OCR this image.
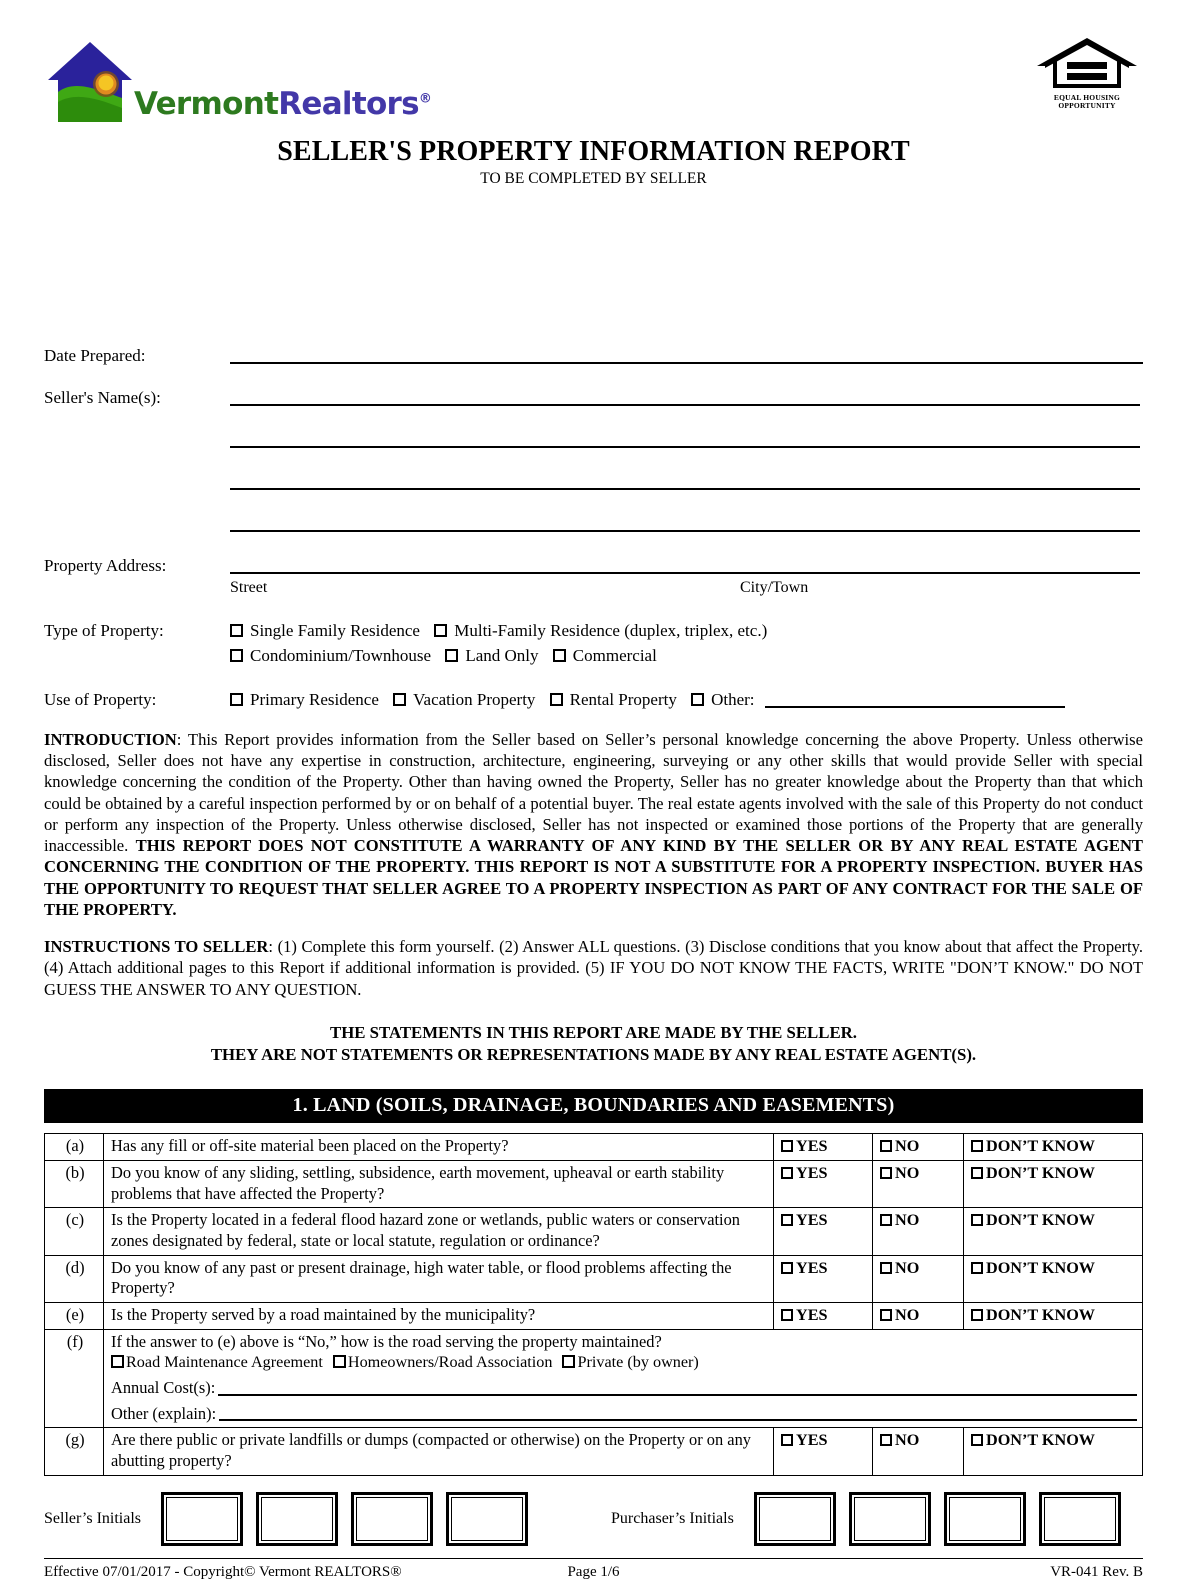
VermontRealtors®	EQUAL HOUSING
OPPORTUNITY
SELLER'S PROPERTY INFORMATION REPORT
TO BE COMPLETED BY SELLER
Date Prepared:
Seller's Name(s):
Property Address:
Street	City/Town
Type of Property:	Single Family Residence Multi-Family Residence (duplex, triplex, etc.)
Condominium/Townhouse Land Only Commercial
Use of Property:	Primary Residence Vacation Property Rental Property Other:
INTRODUCTION: This Report provides information from the Seller based on Seller’s personal knowledge concerning the above Property. Unless otherwise disclosed, Seller does not have any expertise in construction, architecture, engineering, surveying or any other skills that would provide Seller with special knowledge concerning the condition of the Property. Other than having owned the Property, Seller has no greater knowledge about the Property than that which could be obtained by a careful inspection performed by or on behalf of a potential buyer. The real estate agents involved with the sale of this Property do not conduct or perform any inspection of the Property. Unless otherwise disclosed, Seller has not inspected or examined those portions of the Property that are generally inaccessible. THIS REPORT DOES NOT CONSTITUTE A WARRANTY OF ANY KIND BY THE SELLER OR BY ANY REAL ESTATE AGENT CONCERNING THE CONDITION OF THE PROPERTY. THIS REPORT IS NOT A SUBSTITUTE FOR A PROPERTY INSPECTION. BUYER HAS THE OPPORTUNITY TO REQUEST THAT SELLER AGREE TO A PROPERTY INSPECTION AS PART OF ANY CONTRACT FOR THE SALE OF THE PROPERTY.
INSTRUCTIONS TO SELLER: (1) Complete this form yourself. (2) Answer ALL questions. (3) Disclose conditions that you know about that affect the Property. (4) Attach additional pages to this Report if additional information is provided. (5) IF YOU DO NOT KNOW THE FACTS, WRITE "DON’T KNOW." DO NOT GUESS THE ANSWER TO ANY QUESTION.
THE STATEMENTS IN THIS REPORT ARE MADE BY THE SELLER.
THEY ARE NOT STATEMENTS OR REPRESENTATIONS MADE BY ANY REAL ESTATE AGENT(S).
1. LAND (SOILS, DRAINAGE, BOUNDARIES AND EASEMENTS)
(a)	Has any fill or off-site material been placed on the Property?	YES	NO	DON’T KNOW
(b)	Do you know of any sliding, settling, subsidence, earth movement, upheaval or earth stability problems that have affected the Property?	YES	NO	DON’T KNOW
(c)	Is the Property located in a federal flood hazard zone or wetlands, public waters or conservation zones designated by federal, state or local statute, regulation or ordinance?	YES	NO	DON’T KNOW
(d)	Do you know of any past or present drainage, high water table, or flood problems affecting the Property?	YES	NO	DON’T KNOW
(e)	Is the Property served by a road maintained by the municipality?	YES	NO	DON’T KNOW
(f)	If the answer to (e) above is “No,” how is the road serving the property maintained?
Road Maintenance Agreement Homeowners/Road Association Private (by owner)
Annual Cost(s):
Other (explain):			

(g)	Are there public or private landfills or dumps (compacted or otherwise) on the Property or on any abutting property?	YES	NO	DON’T KNOW
Seller’s Initials	Purchaser’s Initials
Effective 07/01/2017 - Copyright© Vermont REALTORS®	Page 1/6	VR-041 Rev. B
